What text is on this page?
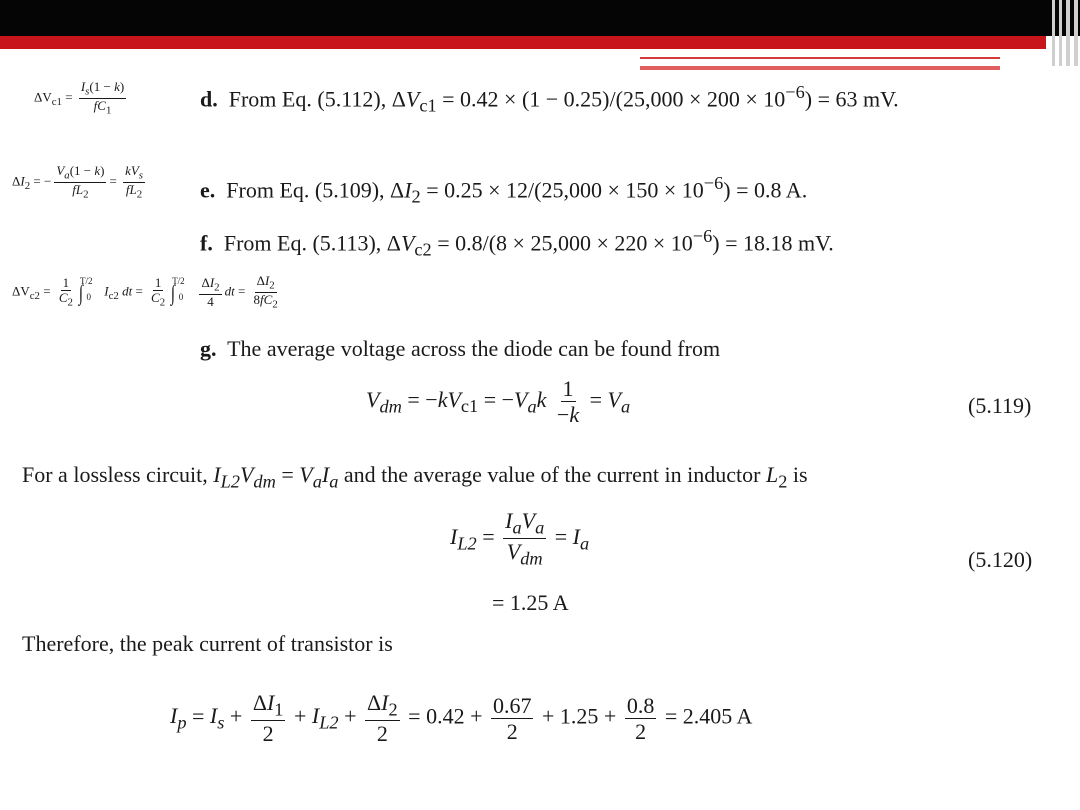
$\Delta V_{c1} = \frac{I_s(1 - k)}{fC_1}$	d.  From Eq. (5.112), $\Delta V_{c1} = 0.42 \times (1 - 0.25)/(25,000 \times 200 \times 10^{-6}) = 63$ mV.
$\Delta I_2$ = − $\frac{V_a(1 - k)}{fL_2} = \frac{kV_s}{fL_2} e$.  From Eq. (5.109), $\Delta I_2 = 0.25 \times 12/(25,000 \times 150 \times 10^{-6}) = 0.8$ A.
f.  From Eq. (5.113), $\Delta V_{c2} = 0.8/(8 \times 25,000 \times 220 \times 10^{-6}) = 18.18$ mV.
$\Delta V_{c2} = \frac{1}{C_2} \int^{T/2}_0$ $I_{c2}$ dt = $\frac{1}{C_2} \int^{T/2}_0 \frac{\Delta I_2}{4}$ dt = $\frac{\Delta I_2}{8fC_2}$
g. The average voltage across the diode can be found from
$V_{dm} = -kV_{c1} = -V_ak \frac{1}{-k} = V_a$	(5.119)
For a lossless circuit, $I_{L2}V_{dm} = V_aI_a$ and the average value of the current in inductor $L_2$ is
$I_{L2} = \frac{I_aV_a}{V_{dm}} = I_a$
(5.120)
= 1.25 A
Therefore, the peak current of transistor is
$I_p = I_s + \frac{\Delta I_1}{2} + I_{L2} + \frac{\Delta I_2}{2} = 0.42 + \frac{0.67}{2} + 1.25 + \frac{0.8}{2} = 2.405$ A
